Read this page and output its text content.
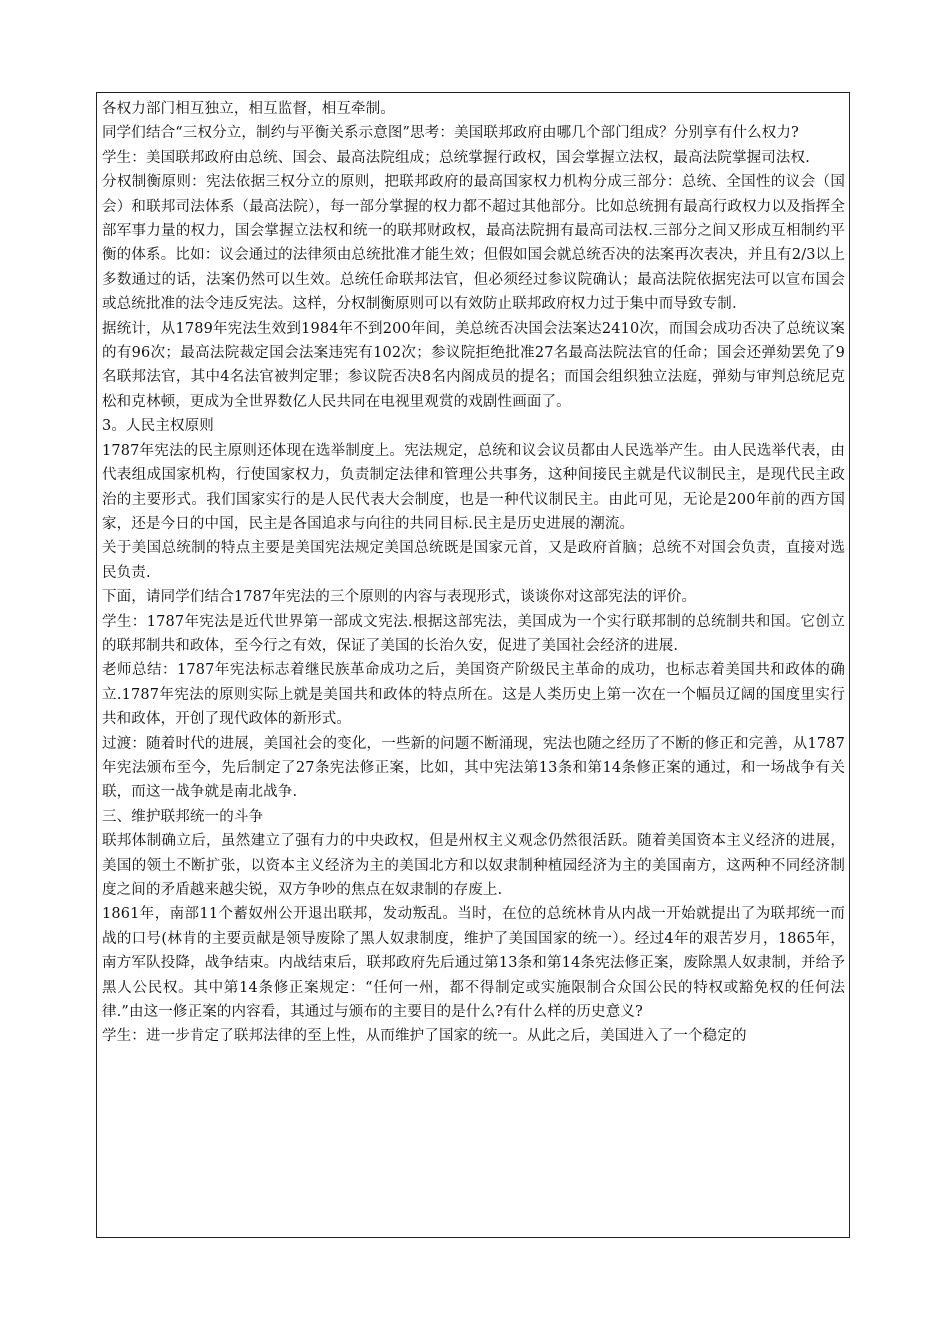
各权力部门相互独立，相互监督，相互牵制。

同学们结合“三权分立，制约与平衡关系示意图”思考：美国联邦政府由哪几个部门组成？分别享有什么权力?

学生：美国联邦政府由总统、国会、最高法院组成；总统掌握行政权，国会掌握立法权，最高法院掌握司法权.

分权制衡原则：宪法依据三权分立的原则，把联邦政府的最高国家权力机构分成三部分：总统、全国性的议会（国会）和联邦司法体系（最高法院），每一部分掌握的权力都不超过其他部分。比如总统拥有最高行政权力以及指挥全部军事力量的权力，国会掌握立法权和统一的联邦财政权，最高法院拥有最高司法权.三部分之间又形成互相制约平衡的体系。比如：议会通过的法律须由总统批准才能生效；但假如国会就总统否决的法案再次表决，并且有2/3以上多数通过的话，法案仍然可以生效。总统任命联邦法官，但必须经过参议院确认；最高法院依据宪法可以宣布国会或总统批准的法令违反宪法。这样，分权制衡原则可以有效防止联邦政府权力过于集中而导致专制.

据统计，从1789年宪法生效到1984年不到200年间，美总统否决国会法案达2410次，而国会成功否决了总统议案的有96次；最高法院裁定国会法案违宪有102次；参议院拒绝批准27名最高法院法官的任命；国会还弹劾罢免了9名联邦法官，其中4名法官被判定罪；参议院否决8名内阁成员的提名；而国会组织独立法庭，弹劾与审判总统尼克松和克林顿，更成为全世界数亿人民共同在电视里观赏的戏剧性画面了。

3。人民主权原则

1787年宪法的民主原则还体现在选举制度上。宪法规定，总统和议会议员都由人民选举产生。由人民选举代表，由代表组成国家机构，行使国家权力，负责制定法律和管理公共事务，这种间接民主就是代议制民主，是现代民主政治的主要形式。我们国家实行的是人民代表大会制度，也是一种代议制民主。由此可见，无论是200年前的西方国家，还是今日的中国，民主是各国追求与向往的共同目标.民主是历史进展的潮流。

关于美国总统制的特点主要是美国宪法规定美国总统既是国家元首，又是政府首脑；总统不对国会负责，直接对选民负责.

下面，请同学们结合1787年宪法的三个原则的内容与表现形式，谈谈你对这部宪法的评价。

学生：1787年宪法是近代世界第一部成文宪法.根据这部宪法，美国成为一个实行联邦制的总统制共和国。它创立的联邦制共和政体，至今行之有效，保证了美国的长治久安，促进了美国社会经济的进展.

老师总结：1787年宪法标志着继民族革命成功之后，美国资产阶级民主革命的成功，也标志着美国共和政体的确立.1787年宪法的原则实际上就是美国共和政体的特点所在。这是人类历史上第一次在一个幅员辽阔的国度里实行共和政体，开创了现代政体的新形式。

过渡：随着时代的进展，美国社会的变化，一些新的问题不断涌现，宪法也随之经历了不断的修正和完善，从1787年宪法颁布至今，先后制定了27条宪法修正案，比如，其中宪法第13条和第14条修正案的通过，和一场战争有关联，而这一战争就是南北战争.

三、维护联邦统一的斗争

联邦体制确立后，虽然建立了强有力的中央政权，但是州权主义观念仍然很活跃。随着美国资本主义经济的进展，美国的领土不断扩张，以资本主义经济为主的美国北方和以奴隶制种植园经济为主的美国南方，这两种不同经济制度之间的矛盾越来越尖锐，双方争吵的焦点在奴隶制的存废上.

1861年，南部11个蓄奴州公开退出联邦，发动叛乱。当时，在位的总统林肯从内战一开始就提出了为联邦统一而战的口号(林肯的主要贡献是领导废除了黑人奴隶制度，维护了美国国家的统一）。经过4年的艰苦岁月，1865年，南方军队投降，战争结束。内战结束后，联邦政府先后通过第13条和第14条宪法修正案，废除黑人奴隶制，并给予黑人公民权。其中第14条修正案规定：“任何一州，都不得制定或实施限制合众国公民的特权或豁免权的任何法律.”由这一修正案的内容看，其通过与颁布的主要目的是什么?有什么样的历史意义?

学生：进一步肯定了联邦法律的至上性，从而维护了国家的统一。从此之后，美国进入了一个稳定的
